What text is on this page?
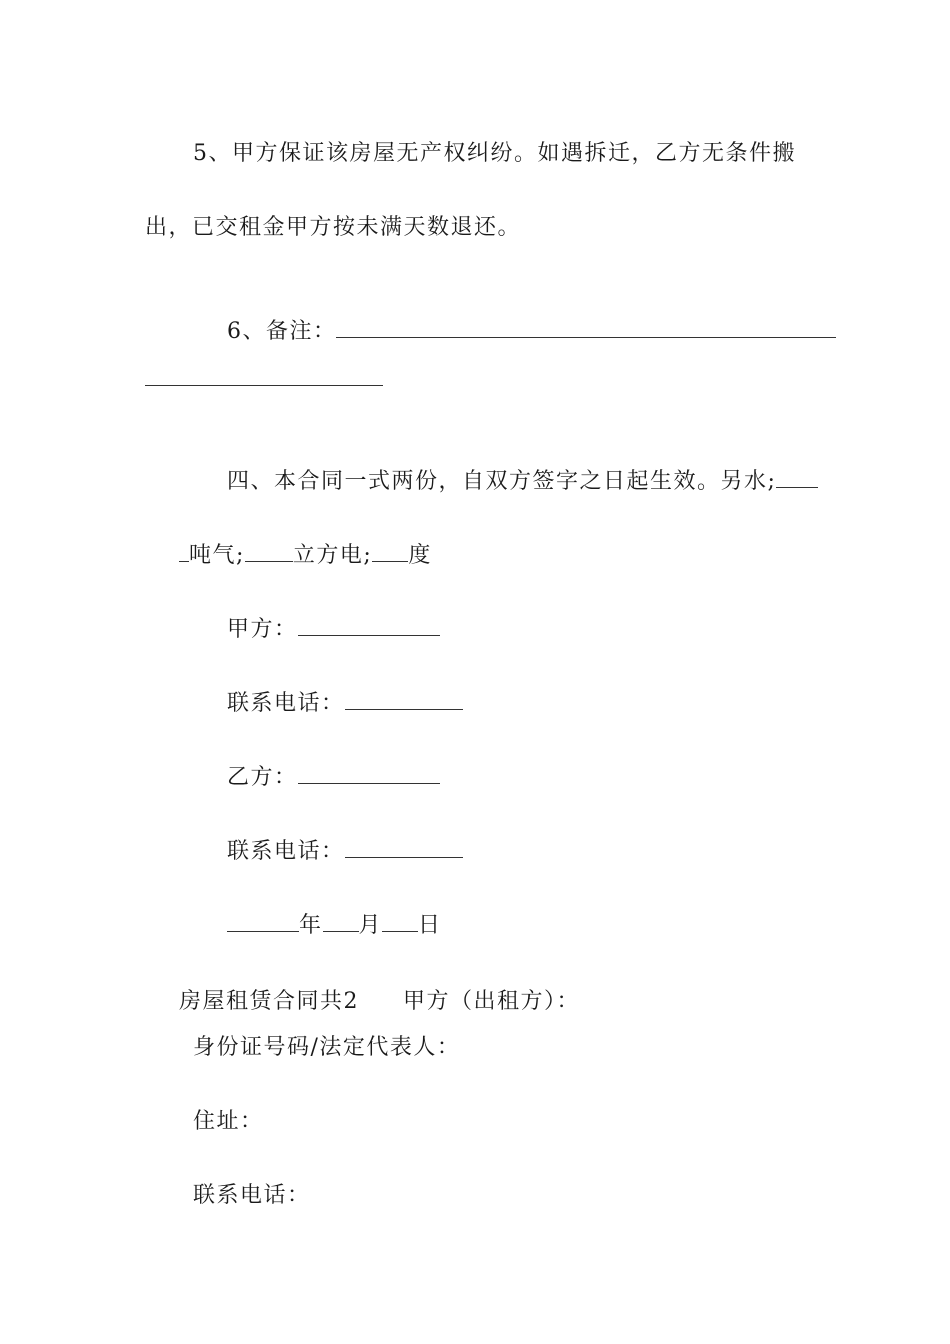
5、甲方保证该房屋无产权纠纷。如遇拆迁，乙方无条件搬
出，已交租金甲方按未满天数退还。

6、备注：

四、本合同一式两份，自双方签字之日起生效。另水;

吨气; 立方电; 度

甲方：

联系电话：

乙方：

联系电话：

年 月 日

房屋租赁合同共2 甲方（出租方）：

身份证号码/法定代表人：
住址：
联系电话：
